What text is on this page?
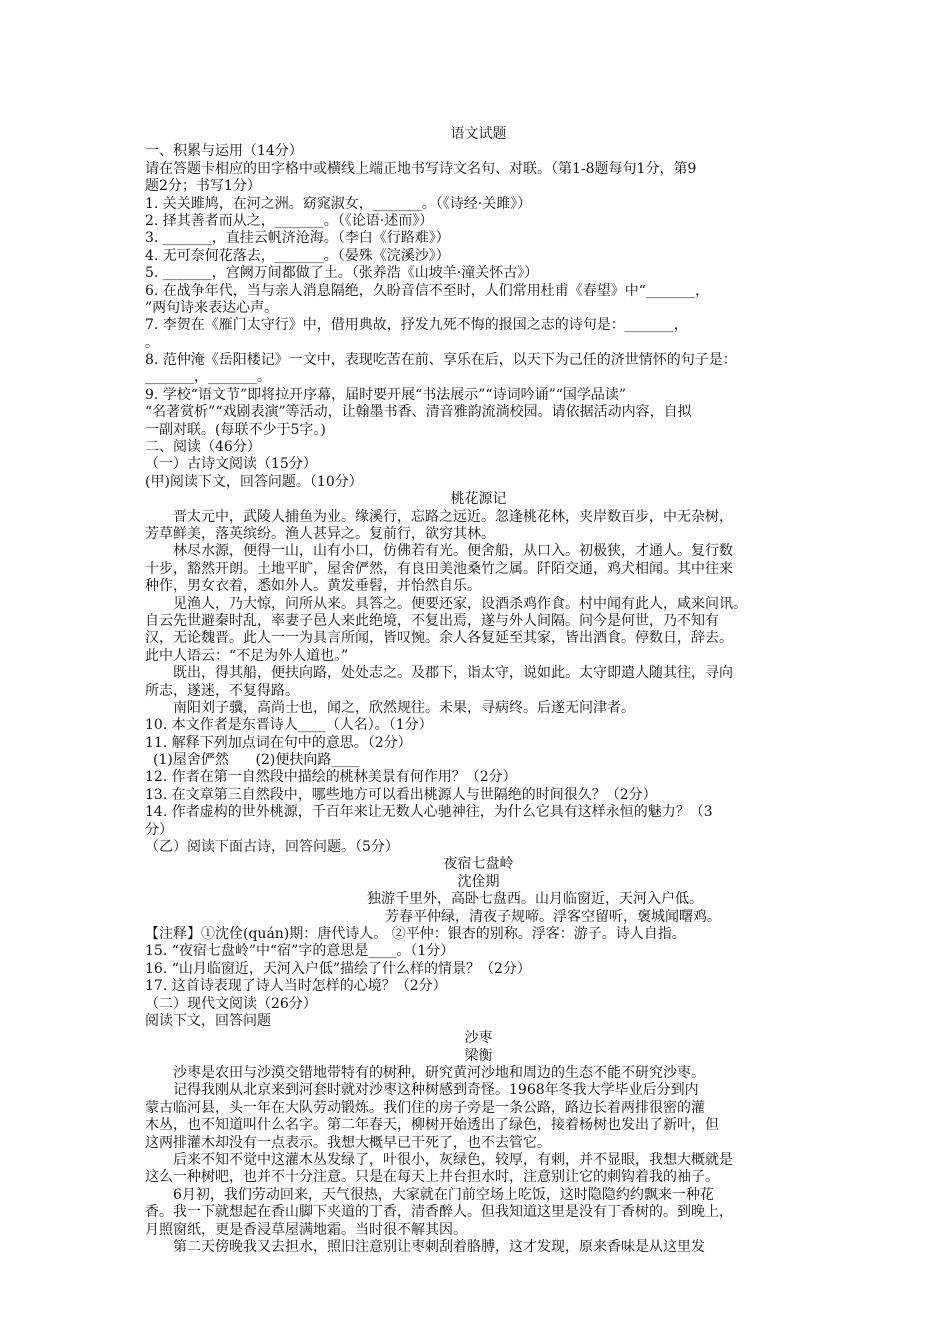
语文试题
一、积累与运用（14分）
请在答题卡相应的田字格中或横线上端正地书写诗文名句、对联。（第1-8题每句1分，第9
题2分；书写1分）
1. 关关雎鸠，在河之洲。窈窕淑女，_______。（《诗经·关雎》）
2. 择其善者而从之，_______。（《论语·述而》）
3. _______，直挂云帆济沧海。（李白《行路难》）
4. 无可奈何花落去，_______。（晏殊《浣溪沙》）
5. _______，宫阙万间都做了土。（张养浩《山坡羊·潼关怀古》）
6. 在战争年代，当与亲人消息隔绝，久盼音信不至时，人们常用杜甫《春望》中“_______，
”两句诗来表达心声。
7. 李贺在《雁门太守行》中，借用典故，抒发九死不悔的报国之志的诗句是：_______，
。
8. 范仲淹《岳阳楼记》一文中，表现吃苦在前、享乐在后，以天下为己任的济世情怀的句子是：
_______，_______。
9. 学校“语文节”即将拉开序幕，届时要开展“书法展示”“诗词吟诵”“国学品读”
“名著赏析”“戏剧表演”等活动，让翰墨书香、清音雅韵流淌校园。请依据活动内容，自拟
一副对联。(每联不少于5字。)
二、阅读（46分）
（一）古诗文阅读（15分）
(甲)阅读下文，回答问题。（10分）
桃花源记
晋太元中，武陵人捕鱼为业。缘溪行，忘路之远近。忽逢桃花林，夹岸数百步，中无杂树，
芳草鲜美，落英缤纷。渔人甚异之。复前行，欲穷其林。
林尽水源，便得一山，山有小口，仿佛若有光。便舍船，从口入。初极狭，才通人。复行数
十步，豁然开朗。土地平旷，屋舍俨然，有良田美池桑竹之属。阡陌交通，鸡犬相闻。其中往来
种作，男女衣着，悉如外人。黄发垂髫，并怡然自乐。
见渔人，乃大惊，问所从来。具答之。便要还家，设酒杀鸡作食。村中闻有此人，咸来问讯。
自云先世避秦时乱，率妻子邑人来此绝境，不复出焉，遂与外人间隔。问今是何世，乃不知有
汉，无论魏晋。此人一一为具言所闻，皆叹惋。余人各复延至其家，皆出酒食。停数日，辞去。
此中人语云：“不足为外人道也。”
既出，得其船，便扶向路，处处志之。及郡下，诣太守，说如此。太守即遣人随其往，寻向
所志，遂迷，不复得路。
南阳刘子骥，高尚士也，闻之，欣然规往。未果，寻病终。后遂无问津者。
10. 本文作者是东晋诗人____（人名）。（1分）
11. 解释下列加点词在句中的意思。（2分）
(1)屋舍俨然      (2)便扶向路____
12. 作者在第一自然段中描绘的桃林美景有何作用？（2分）
13. 在文章第三自然段中，哪些地方可以看出桃源人与世隔绝的时间很久？（2分）
14. 作者虚构的世外桃源，千百年来让无数人心驰神往，为什么它具有这样永恒的魅力？（3
分）
（乙）阅读下面古诗，回答问题。（5分）
夜宿七盘岭
沈佺期
独游千里外，高卧七盘西。山月临窗近，天河入户低。
芳春平仲绿，清夜子规啼。浮客空留听，褒城闻曙鸡。
【注释】①沈佺(quán)期：唐代诗人。 ②平仲：银杏的别称。浮客：游子。诗人自指。
15. “夜宿七盘岭”中“宿”字的意思是____。（1分）
16. “山月临窗近，天河入户低”描绘了什么样的情景？（2分）
17. 这首诗表现了诗人当时怎样的心境？（2分）
（二）现代文阅读（26分）
阅读下文，回答问题
沙枣
梁衡
沙枣是农田与沙漠交错地带特有的树种，研究黄河沙地和周边的生态不能不研究沙枣。
记得我刚从北京来到河套时就对沙枣这种树感到奇怪。1968年冬我大学毕业后分到内
蒙古临河县，头一年在大队劳动锻炼。我们住的房子旁是一条公路，路边长着两排很密的灌
木丛，也不知道叫什么名字。第二年春天，柳树开始透出了绿色，接着杨树也发出了新叶，但
这两排灌木却没有一点表示。我想大概早已干死了，也不去管它。
后来不知不觉中这灌木丛发绿了，叶很小，灰绿色，较厚，有刺，并不显眼，我想大概就是
这么一种树吧，也并不十分注意。只是在每天上井台担水时，注意别让它的刺钩着我的袖子。
6月初，我们劳动回来，天气很热，大家就在门前空场上吃饭，这时隐隐约约飘来一种花
香。我一下就想起在香山脚下夹道的丁香，清香醉人。但我知道这里是没有丁香树的。到晚上，
月照窗纸，更是香浸草屋满地霜。当时很不解其因。
第二天傍晚我又去担水，照旧注意别让枣刺刮着胳膊，这才发现，原来香味是从这里发
